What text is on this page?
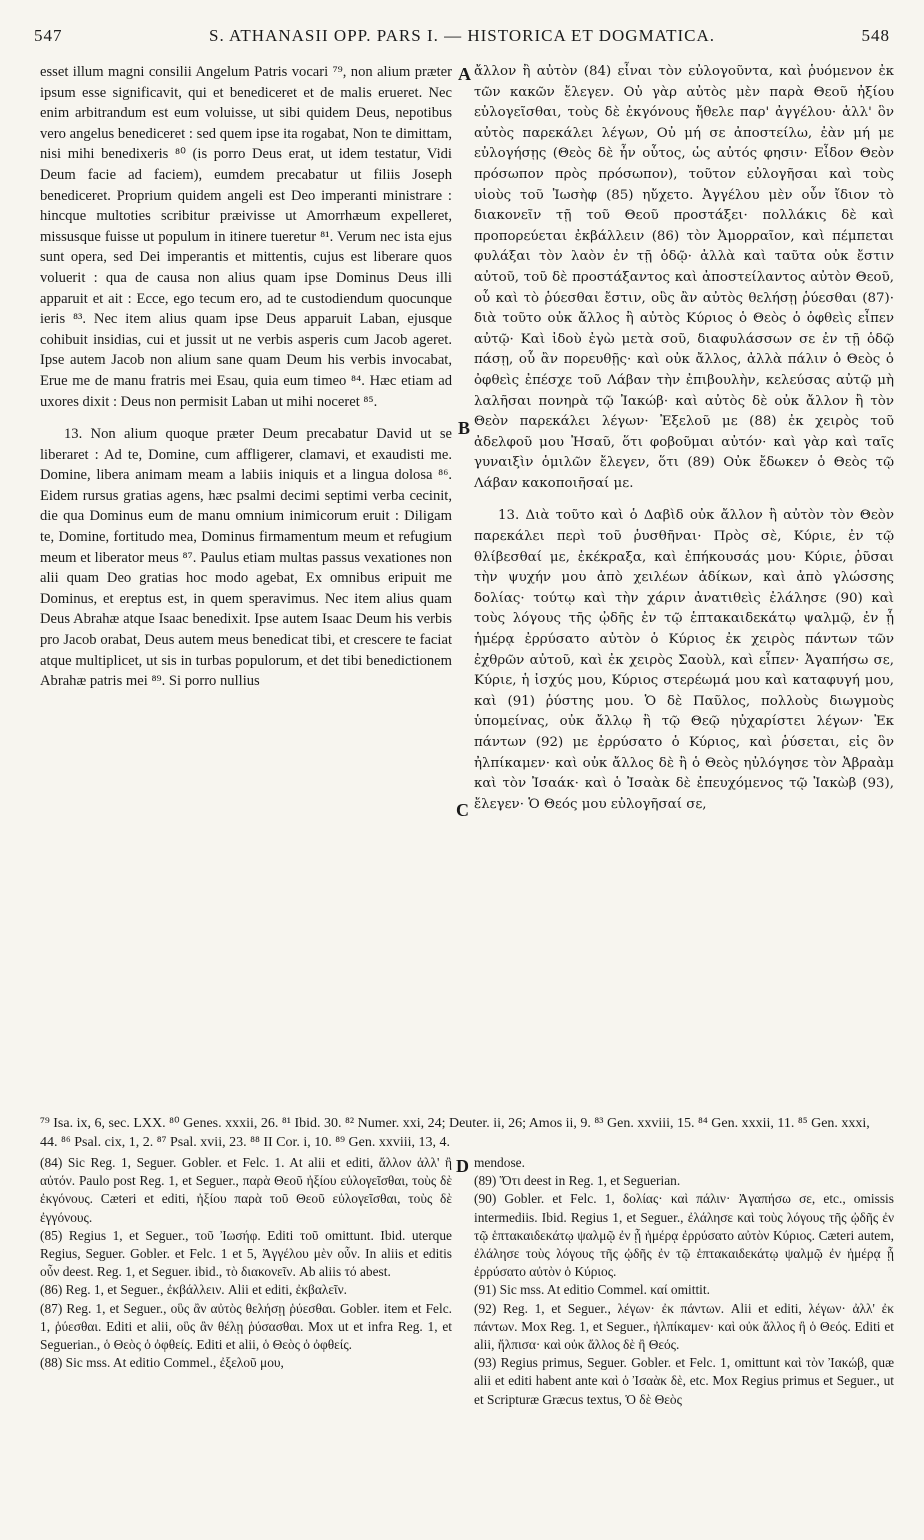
547	S. ATHANASII OPP. PARS I. — HISTORICA ET DOGMATICA.	548

esset illum magni consilii Angelum Patris vocari ⁷⁹, non alium præter ipsum esse significavit, qui et benediceret et de malis erueret. Nec enim arbitrandum est eum voluisse, ut sibi quidem Deus, nepotibus vero angelus benediceret : sed quem ipse ita rogabat, Non te dimittam, nisi mihi benedixeris ⁸⁰ (is porro Deus erat, ut idem testatur, Vidi Deum facie ad faciem), eumdem precabatur ut filiis Joseph benediceret. Proprium quidem angeli est Deo imperanti ministrare : hincque multoties scribitur præivisse ut Amorrhæum expelleret, missusque fuisse ut populum in itinere tueretur ⁸¹. Verum nec ista ejus sunt opera, sed Dei imperantis et mittentis, cujus est liberare quos voluerit : qua de causa non alius quam ipse Dominus Deus illi apparuit et ait : Ecce, ego tecum ero, ad te custodiendum quocunque ieris ⁸³. Nec item alius quam ipse Deus apparuit Laban, ejusque cohibuit insidias, cui et jussit ut ne verbis asperis cum Jacob ageret. Ipse autem Jacob non alium sane quam Deum his verbis invocabat, Erue me de manu fratris mei Esau, quia eum timeo ⁸⁴. Hæc etiam ad uxores dixit : Deus non permisit Laban ut mihi noceret ⁸⁵.

13. Non alium quoque præter Deum precabatur David ut se liberaret : Ad te, Domine, cum affligerer, clamavi, et exaudisti me. Domine, libera animam meam a labiis iniquis et a lingua dolosa ⁸⁶. Eidem rursus gratias agens, hæc psalmi decimi septimi verba cecinit, die qua Dominus eum de manu omnium inimicorum eruit : Diligam te, Domine, fortitudo mea, Dominus firmamentum meum et refugium meum et liberator meus ⁸⁷. Paulus etiam multas passus vexationes non alii quam Deo gratias hoc modo agebat, Ex omnibus eripuit me Dominus, et ereptus est, in quem speravimus. Nec item alius quam Deus Abrahæ atque Isaac benedixit. Ipse autem Isaac Deum his verbis pro Jacob orabat, Deus autem meus benedicat tibi, et crescere te faciat atque multiplicet, ut sis in turbas populorum, et det tibi benedictionem Abrahæ patris mei ⁸⁹. Si porro nullius

A
B
C
D

ἄλλον ἢ αὐτὸν (84) εἶναι τὸν εὐλογοῦντα, καὶ ῥυόμενον ἐκ τῶν κακῶν ἔλεγεν. Οὐ γὰρ αὐτὸς μὲν παρὰ Θεοῦ ἠξίου εὐλογεῖσθαι, τοὺς δὲ ἐκγόνους ἤθελε παρ' ἀγγέλου· ἀλλ' ὃν αὐτὸς παρεκάλει λέγων, Οὐ μή σε ἀποστείλω, ἐὰν μή με εὐλογήσῃς (Θεὸς δὲ ἦν οὗτος, ὡς αὐτός φησιν· Εἶδον Θεὸν πρόσωπον πρὸς πρόσωπον), τοῦτον εὐλογῆσαι καὶ τοὺς υἱοὺς τοῦ Ἰωσὴφ (85) ηὔχετο. Ἀγγέλου μὲν οὖν ἴδιον τὸ διακονεῖν τῇ τοῦ Θεοῦ προστάξει· πολλάκις δὲ καὶ προπορεύεται ἐκβάλλειν (86) τὸν Ἀμορραῖον, καὶ πέμπεται φυλάξαι τὸν λαὸν ἐν τῇ ὁδῷ· ἀλλὰ καὶ ταῦτα οὐκ ἔστιν αὐτοῦ, τοῦ δὲ προστάξαντος καὶ ἀποστείλαντος αὐτὸν Θεοῦ, οὗ καὶ τὸ ῥύεσθαι ἔστιν, οὓς ἂν αὐτὸς θελήσῃ ῥύεσθαι (87)· διὰ τοῦτο οὐκ ἄλλος ἢ αὐτὸς Κύριος ὁ Θεὸς ὁ ὀφθεὶς εἶπεν αὐτῷ· Καὶ ἰδοὺ ἐγὼ μετὰ σοῦ, διαφυλάσσων σε ἐν τῇ ὁδῷ πάσῃ, οὗ ἂν πορευθῇς· καὶ οὐκ ἄλλος, ἀλλὰ πάλιν ὁ Θεὸς ὁ ὀφθεὶς ἐπέσχε τοῦ Λάβαν τὴν ἐπιβουλὴν, κελεύσας αὐτῷ μὴ λαλῆσαι πονηρὰ τῷ Ἰακώβ· καὶ αὐτὸς δὲ οὐκ ἄλλον ἢ τὸν Θεὸν παρεκάλει λέγων· Ἐξελοῦ με (88) ἐκ χειρὸς τοῦ ἀδελφοῦ μου Ἠσαῦ, ὅτι φοβοῦμαι αὐτόν· καὶ γὰρ καὶ ταῖς γυναιξὶν ὁμιλῶν ἔλεγεν, ὅτι (89) Οὐκ ἔδωκεν ὁ Θεὸς τῷ Λάβαν κακοποιῆσαί με.

13. Διὰ τοῦτο καὶ ὁ Δαβὶδ οὐκ ἄλλον ἢ αὐτὸν τὸν Θεὸν παρεκάλει περὶ τοῦ ῥυσθῆναι· Πρὸς σὲ, Κύριε, ἐν τῷ θλίβεσθαί με, ἐκέκραξα, καὶ ἐπήκουσάς μου· Κύριε, ῥῦσαι τὴν ψυχήν μου ἀπὸ χειλέων ἀδίκων, καὶ ἀπὸ γλώσσης δολίας· τούτῳ καὶ τὴν χάριν ἀνατιθεὶς ἐλάλησε (90) καὶ τοὺς λόγους τῆς ᾠδῆς ἐν τῷ ἑπτακαιδεκάτῳ ψαλμῷ, ἐν ᾗ ἡμέρᾳ ἐρρύσατο αὐτὸν ὁ Κύριος ἐκ χειρὸς πάντων τῶν ἐχθρῶν αὐτοῦ, καὶ ἐκ χειρὸς Σαοὺλ, καὶ εἶπεν· Ἀγαπήσω σε, Κύριε, ἡ ἰσχύς μου, Κύριος στερέωμά μου καὶ καταφυγή μου, καὶ (91) ῥύστης μου. Ὁ δὲ Παῦλος, πολλοὺς διωγμοὺς ὑπομείνας, οὐκ ἄλλῳ ἢ τῷ Θεῷ ηὐχαρίστει λέγων· Ἐκ πάντων (92) με ἐρρύσατο ὁ Κύριος, καὶ ῥύσεται, εἰς ὃν ἠλπίκαμεν· καὶ οὐκ ἄλλος δὲ ἢ ὁ Θεὸς ηὐλόγησε τὸν Ἀβραὰμ καὶ τὸν Ἰσαάκ· καὶ ὁ Ἰσαὰκ δὲ ἐπευχόμενος τῷ Ἰακὼβ (93), ἔλεγεν· Ὁ Θεός μου εὐλογῆσαί σε,

⁷⁹ Isa. ix, 6, sec. LXX. ⁸⁰ Genes. xxxii, 26. ⁸¹ Ibid. 30. ⁸² Numer. xxi, 24; Deuter. ii, 26; Amos ii, 9. ⁸³ Gen. xxviii, 15. ⁸⁴ Gen. xxxii, 11. ⁸⁵ Gen. xxxi, 44. ⁸⁶ Psal. cix, 1, 2. ⁸⁷ Psal. xvii, 23. ⁸⁸ II Cor. i, 10. ⁸⁹ Gen. xxviii, 13, 4.

(84) Sic Reg. 1, Seguer. Gobler. et Felc. 1. At alii et editi, ἄλλον ἀλλ' ἢ αὐτόν. Paulo post Reg. 1, et Seguer., παρὰ Θεοῦ ἠξίου εὐλογεῖσθαι, τοὺς δὲ ἐκγόνους. Cæteri et editi, ἠξίου παρὰ τοῦ Θεοῦ εὐλογεῖσθαι, τοὺς δὲ ἐγγόνους.

(85) Regius 1, et Seguer., τοῦ Ἰωσήφ. Editi τοῦ omittunt. Ibid. uterque Regius, Seguer. Gobler. et Felc. 1 et 5, Ἀγγέλου μὲν οὖν. In aliis et editis οὖν deest. Reg. 1, et Seguer. ibid., τὸ διακονεῖν. Ab aliis τό abest.

(86) Reg. 1, et Seguer., ἐκβάλλειν. Alii et editi, ἐκβαλεῖν.

(87) Reg. 1, et Seguer., οὓς ἂν αὐτὸς θελήσῃ ῥύεσθαι. Gobler. item et Felc. 1, ῥύεσθαι. Editi et alii, οὓς ἂν θέλῃ ῥύσασθαι. Mox ut et infra Reg. 1, et Seguerian., ὁ Θεὸς ὁ ὀφθείς. Editi et alii, ὁ Θεὸς ὁ ὀφθείς.

(88) Sic mss. At editio Commel., ἐξελοῦ μου,

mendose.

(89) Ὅτι deest in Reg. 1, et Seguerian.

(90) Gobler. et Felc. 1, δολίας· καὶ πάλιν· Ἀγαπήσω σε, etc., omissis intermediis. Ibid. Regius 1, et Seguer., ἐλάλησε καὶ τοὺς λόγους τῆς ᾠδῆς ἐν τῷ ἑπτακαιδεκάτῳ ψαλμῷ ἐν ᾗ ἡμέρᾳ ἐρρύσατο αὐτὸν Κύριος. Cæteri autem, ἐλάλησε τοὺς λόγους τῆς ᾠδῆς ἐν τῷ ἑπτακαιδεκάτῳ ψαλμῷ ἐν ἡμέρᾳ ᾗ ἐρρύσατο αὐτὸν ὁ Κύριος.

(91) Sic mss. At editio Commel. καί omittit.

(92) Reg. 1, et Seguer., λέγων· ἐκ πάντων. Alii et editi, λέγων· ἀλλ' ἐκ πάντων. Mox Reg. 1, et Seguer., ἠλπίκαμεν· καὶ οὐκ ἄλλος ἢ ὁ Θεός. Editi et alii, ἤλπισα· καὶ οὐκ ἄλλος δὲ ἢ Θεός.

(93) Regius primus, Seguer. Gobler. et Felc. 1, omittunt καὶ τὸν Ἰακώβ, quæ alii et editi habent ante καὶ ὁ Ἰσαὰκ δὲ, etc. Mox Regius primus et Seguer., ut et Scripturæ Græcus textus, Ὁ δὲ Θεὸς
